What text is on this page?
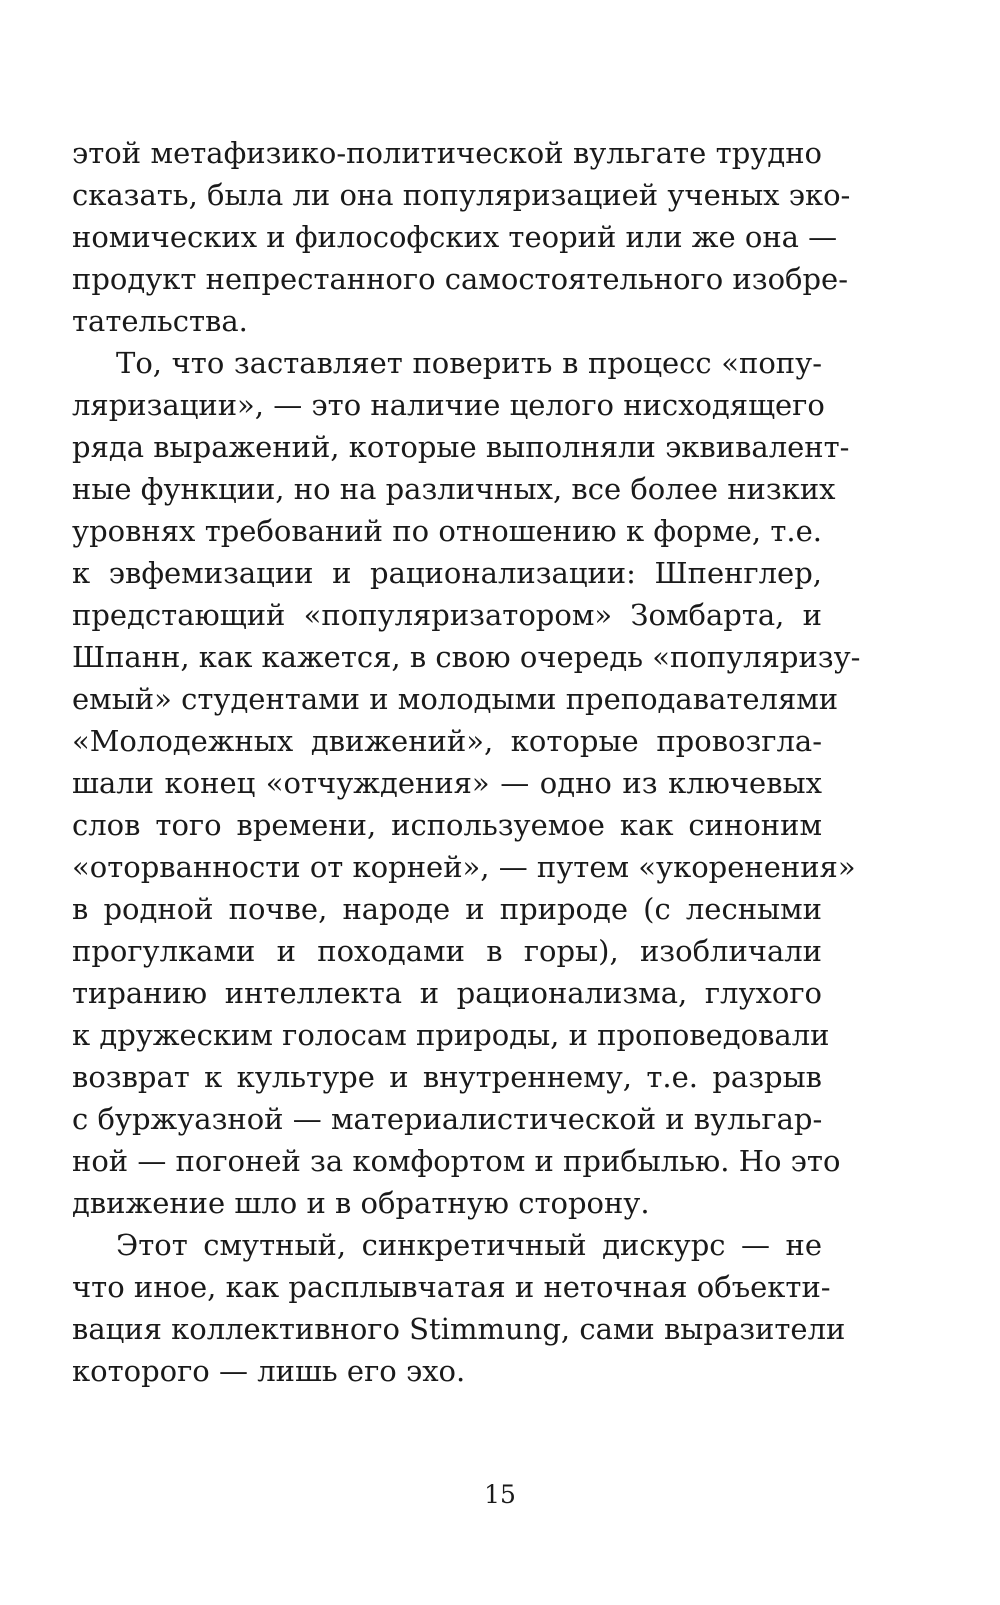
этой метафизико-политической вульгате трудно
сказать, была ли она популяризацией ученых эко-
номических и философских теорий или же она —
продукт непрестанного самостоятельного изобре-
тательства.
То, что заставляет поверить в процесс «попу-
ляризации», — это наличие целого нисходящего
ряда выражений, которые выполняли эквивалент-
ные функции, но на различных, все более низких
уровнях требований по отношению к форме, т.е.
к эвфемизации и рационализации: Шпенглер,
предстающий «популяризатором» Зомбарта, и
Шпанн, как кажется, в свою очередь «популяризу-
емый» студентами и молодыми преподавателями
«Молодежных движений», которые провозгла-
шали конец «отчуждения» — одно из ключевых
слов того времени, используемое как синоним
«оторванности от корней», — путем «укоренения»
в родной почве, народе и природе (с лесными
прогулками и походами в горы), изобличали
тиранию интеллекта и рационализма, глухого
к дружеским голосам природы, и проповедовали
возврат к культуре и внутреннему, т.е. разрыв
с буржуазной — материалистической и вульгар-
ной — погоней за комфортом и прибылью. Но это
движение шло и в обратную сторону.
Этот смутный, синкретичный дискурс — не
что иное, как расплывчатая и неточная объекти-
вация коллективного Stimmung, сами выразители
которого — лишь его эхо.
15
